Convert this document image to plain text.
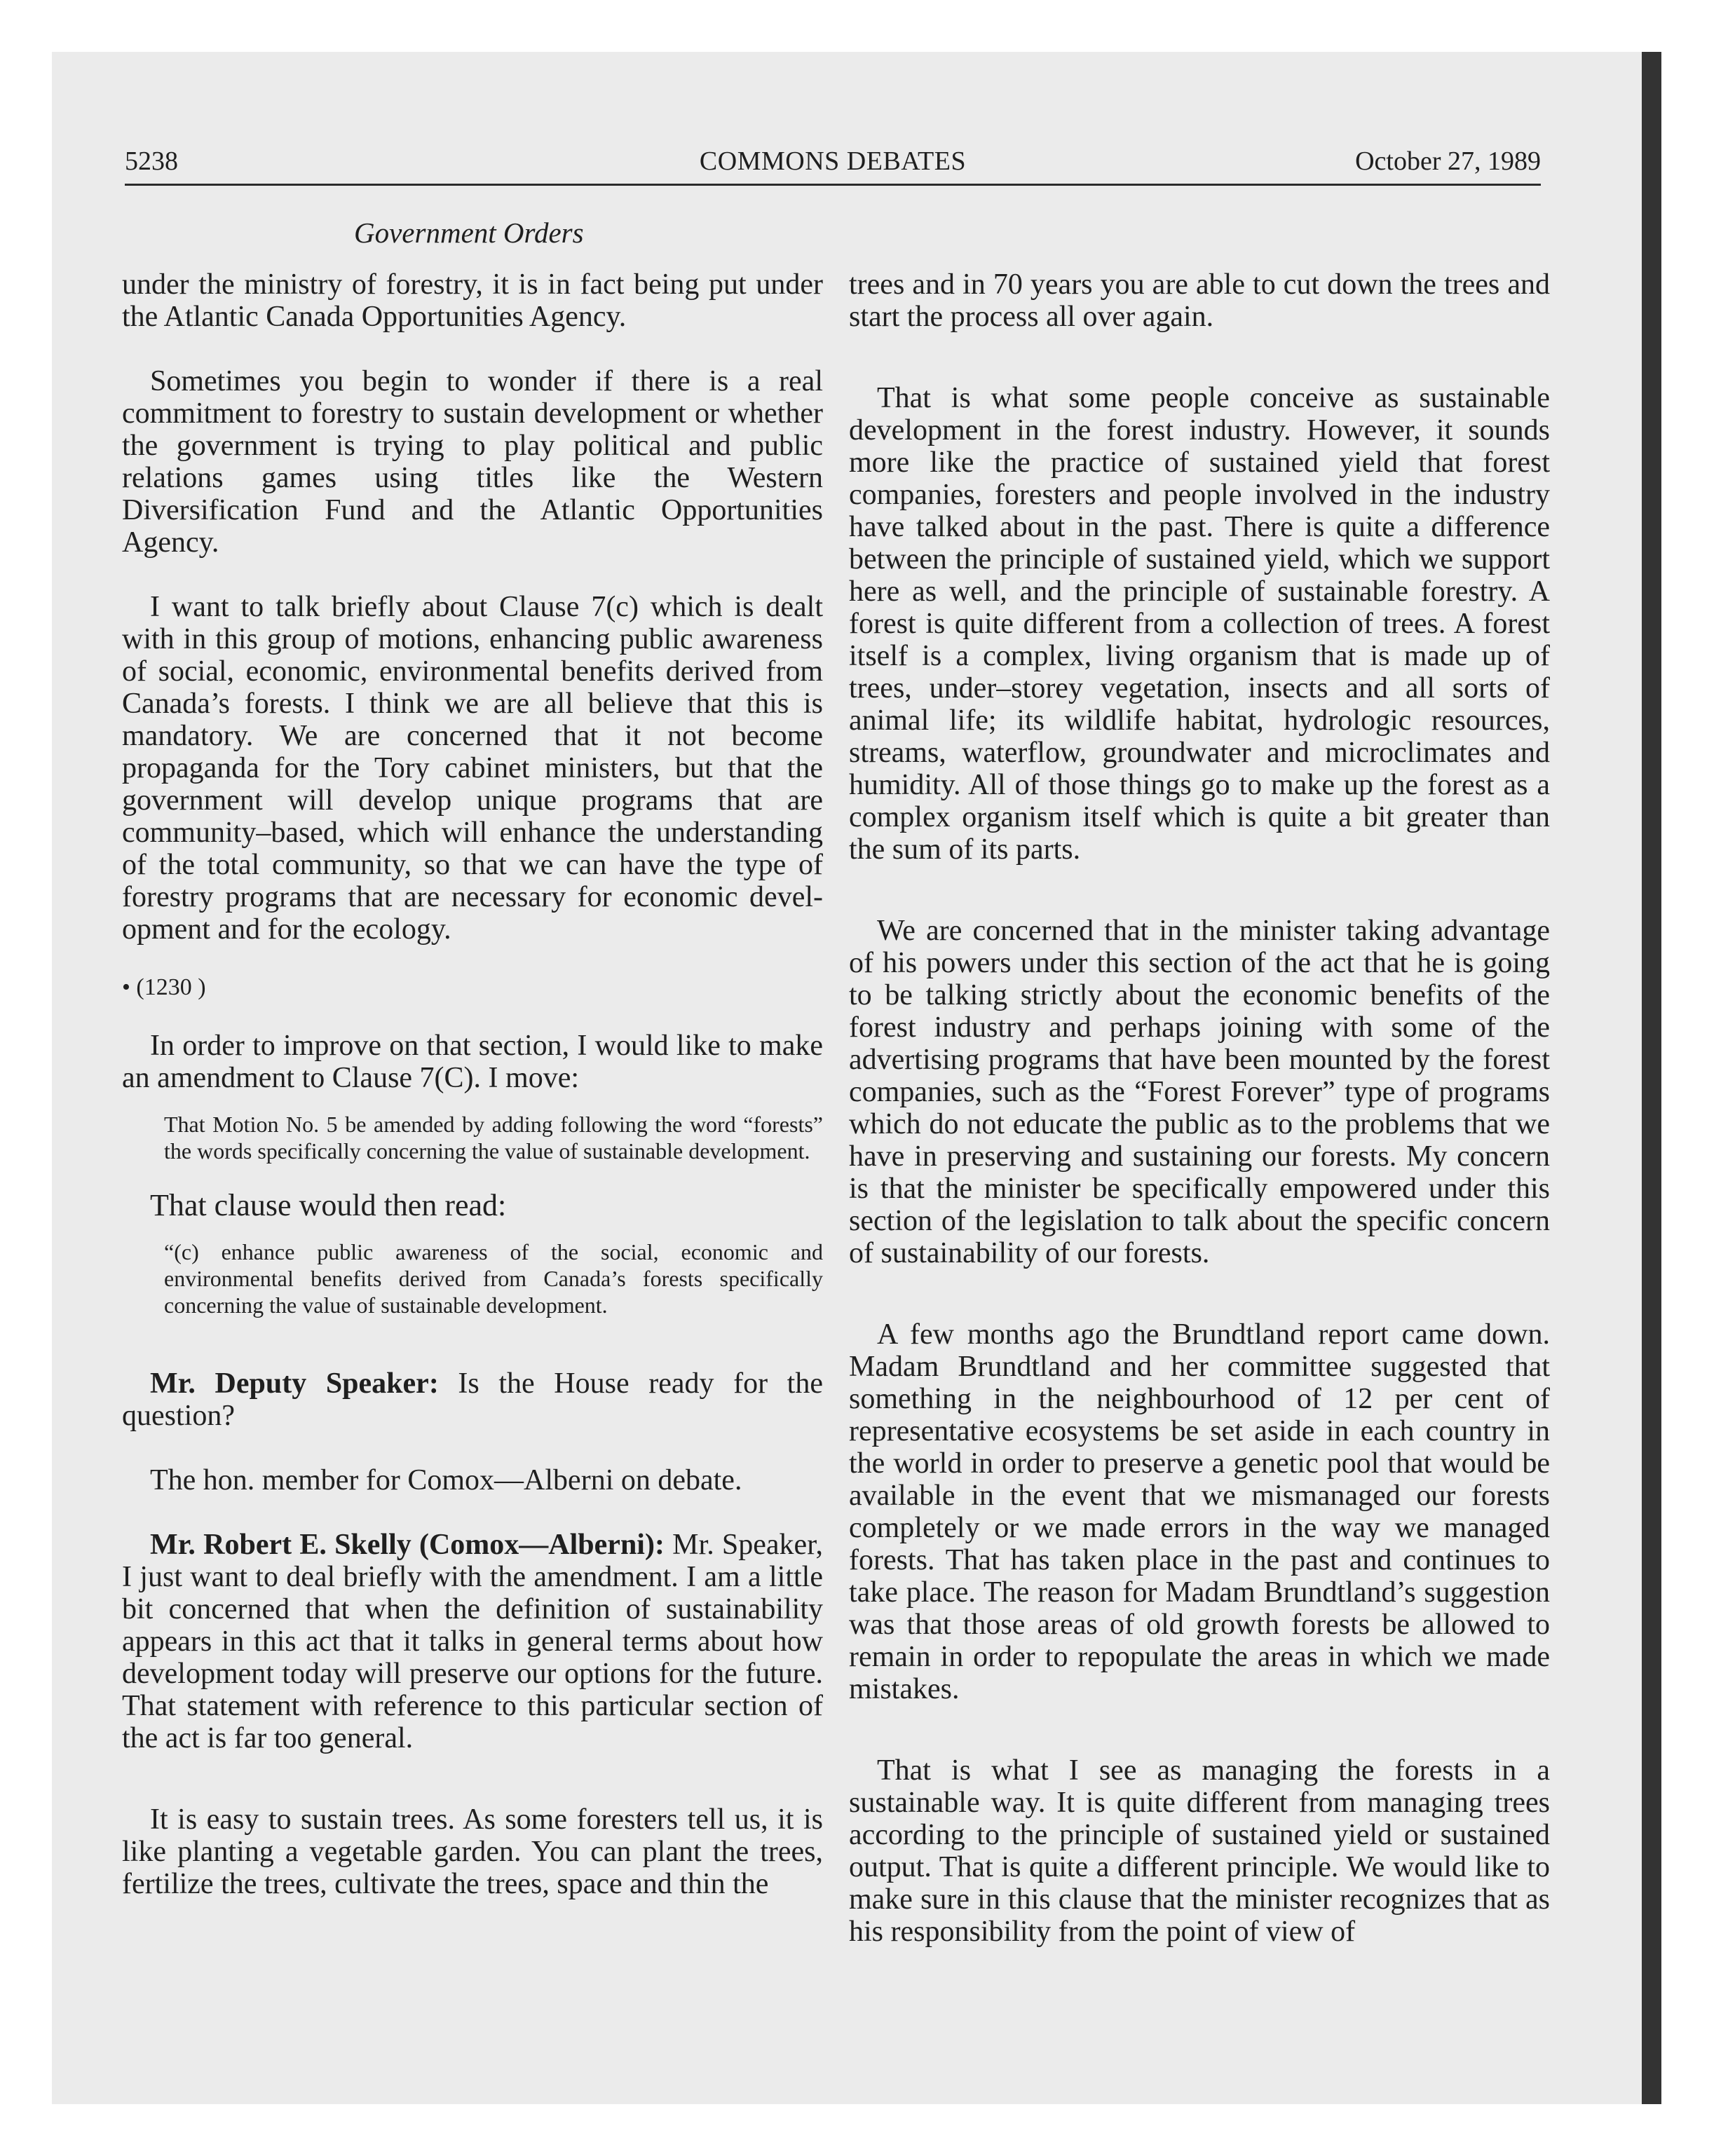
5238	COMMONS DEBATES	October 27, 1989
Government Orders

under the ministry of forestry, it is in fact being put under the Atlantic Canada Opportunities Agency.

Sometimes you begin to wonder if there is a real commitment to forestry to sustain development or whether the government is trying to play political and public relations games using titles like the Western Diversification Fund and the Atlantic Opportunities Agency.

I want to talk briefly about Clause 7(c) which is dealt with in this group of motions, enhancing public awareness of social, economic, environmental benefits derived from Canada’s forests. I think we are all believe that this is mandatory. We are concerned that it not become propaganda for the Tory cabinet ministers, but that the government will develop unique programs that are community–based, which will enhance the understanding of the total community, so that we can have the type of forestry programs that are necessary for economic development and for the ecology.

• (1230 )

In order to improve on that section, I would like to make an amendment to Clause 7(C). I move:

That Motion No. 5 be amended by adding following the word “forests” the words specifically concerning the value of sustainable development.

That clause would then read:

“(c) enhance public awareness of the social, economic and environmental benefits derived from Canada’s forests specifically concerning the value of sustainable development.

Mr. Deputy Speaker: Is the House ready for the question?

The hon. member for Comox—Alberni on debate.

Mr. Robert E. Skelly (Comox—Alberni): Mr. Speaker, I just want to deal briefly with the amendment. I am a little bit concerned that when the definition of sustainability appears in this act that it talks in general terms about how development today will preserve our options for the future. That statement with reference to this particular section of the act is far too general.

It is easy to sustain trees. As some foresters tell us, it is like planting a vegetable garden. You can plant the trees, fertilize the trees, cultivate the trees, space and thin the

trees and in 70 years you are able to cut down the trees and start the process all over again.

That is what some people conceive as sustainable development in the forest industry. However, it sounds more like the practice of sustained yield that forest companies, foresters and people involved in the industry have talked about in the past. There is quite a difference between the principle of sustained yield, which we support here as well, and the principle of sustainable forestry. A forest is quite different from a collection of trees. A forest itself is a complex, living organism that is made up of trees, under–storey vegetation, insects and all sorts of animal life; its wildlife habitat, hydrologic resources, streams, waterflow, groundwater and microclimates and humidity. All of those things go to make up the forest as a complex organism itself which is quite a bit greater than the sum of its parts.

We are concerned that in the minister taking advantage of his powers under this section of the act that he is going to be talking strictly about the economic benefits of the forest industry and perhaps joining with some of the advertising programs that have been mounted by the forest companies, such as the “Forest Forever” type of programs which do not educate the public as to the problems that we have in preserving and sustaining our forests. My concern is that the minister be specifically empowered under this section of the legislation to talk about the specific concern of sustainability of our forests.

A few months ago the Brundtland report came down. Madam Brundtland and her committee suggested that something in the neighbourhood of 12 per cent of representative ecosystems be set aside in each country in the world in order to preserve a genetic pool that would be available in the event that we mismanaged our forests completely or we made errors in the way we managed forests. That has taken place in the past and continues to take place. The reason for Madam Brundtland’s suggestion was that those areas of old growth forests be allowed to remain in order to repopulate the areas in which we made mistakes.

That is what I see as managing the forests in a sustainable way. It is quite different from managing trees according to the principle of sustained yield or sustained output. That is quite a different principle. We would like to make sure in this clause that the minister recognizes that as his responsibility from the point of view of
